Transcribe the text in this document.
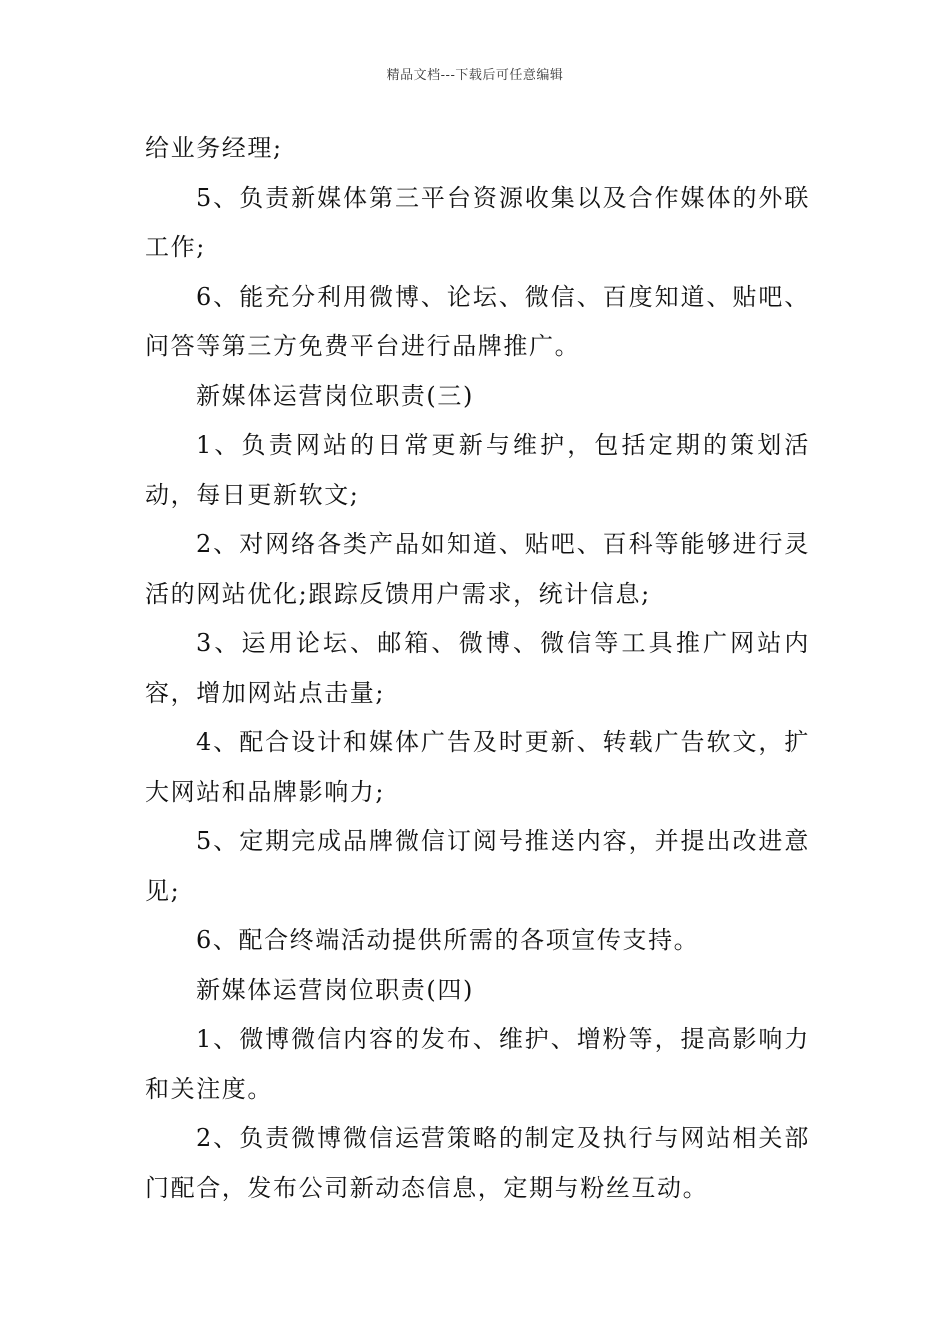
精品文档---下载后可任意编辑

给业务经理;

5、负责新媒体第三平台资源收集以及合作媒体的外联工作;

6、能充分利用微博、论坛、微信、百度知道、贴吧、问答等第三方免费平台进行品牌推广。

新媒体运营岗位职责(三)

1、负责网站的日常更新与维护，包括定期的策划活动，每日更新软文;

2、对网络各类产品如知道、贴吧、百科等能够进行灵活的网站优化;跟踪反馈用户需求，统计信息;

3、运用论坛、邮箱、微博、微信等工具推广网站内容，增加网站点击量;

4、配合设计和媒体广告及时更新、转载广告软文，扩大网站和品牌影响力;

5、定期完成品牌微信订阅号推送内容，并提出改进意见;

6、配合终端活动提供所需的各项宣传支持。

新媒体运营岗位职责(四)

1、微博微信内容的发布、维护、增粉等，提高影响力和关注度。

2、负责微博微信运营策略的制定及执行与网站相关部门配合，发布公司新动态信息，定期与粉丝互动。
